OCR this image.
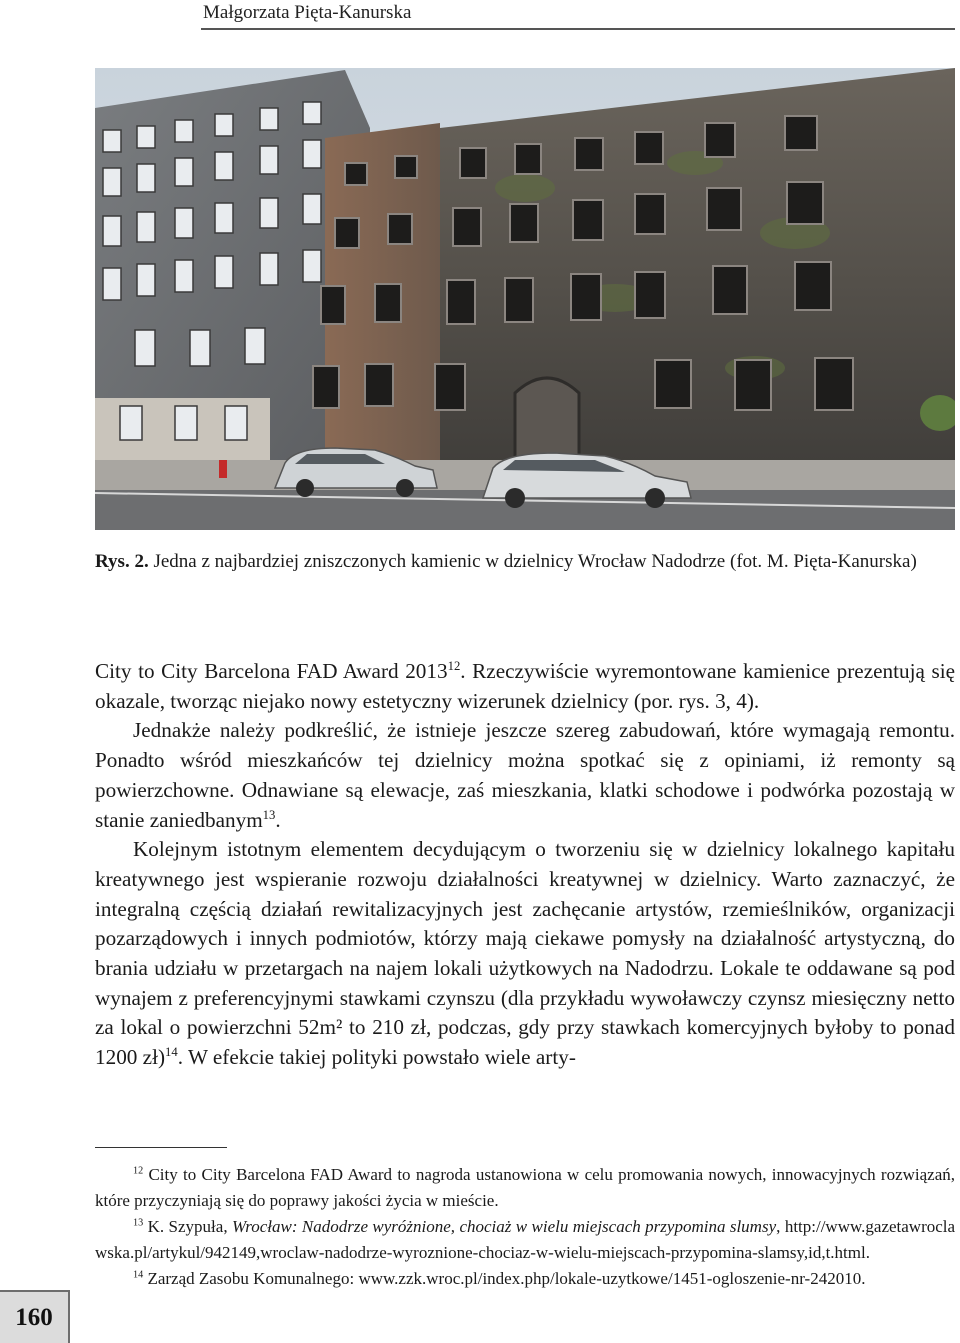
Małgorzata Pięta-Kanurska
Rys. 2. Jedna z najbardziej zniszczonych kamienic w dzielnicy Wrocław Nadodrze (fot. M. Pięta-Kanurska)

City to City Barcelona FAD Award 2013$^{12}$. Rzeczywiście wyremontowane kamienice prezentują się okazale, tworząc niejako nowy estetyczny wizerunek dzielnicy (por. rys. 3, 4).

Jednakże należy podkreślić, że istnieje jeszcze szereg zabudowań, które wymagają remontu. Ponadto wśród mieszkańców tej dzielnicy można spotkać się z opiniami, iż remonty są powierzchowne. Odnawiane są elewacje, zaś mieszkania, klatki schodowe i podwórka pozostają w stanie zaniedbanym$^{13}$.

Kolejnym istotnym elementem decydującym o tworzeniu się w dzielnicy lokalnego kapitału kreatywnego jest wspieranie rozwoju działalności kreatywnej w dzielnicy. Warto zaznaczyć, że integralną częścią działań rewitalizacyjnych jest zachęcanie artystów, rzemieślników, organizacji pozarządowych i innych podmiotów, którzy mają ciekawe pomysły na działalność artystyczną, do brania udziału w przetargach na najem lokali użytkowych na Nadodrzu. Lokale te oddawane są pod wynajem z preferencyjnymi stawkami czynszu (dla przykładu wywoławczy czynsz miesięczny netto za lokal o powierzchni 52m² to 210 zł, podczas, gdy przy stawkach komercyjnych byłoby to ponad 1200 zł)$^{14}$. W efekcie takiej polityki powstało wiele arty-

$^{12}$ City to City Barcelona FAD Award to nagroda ustanowiona w celu promowania nowych, innowacyjnych rozwiązań, które przyczyniają się do poprawy jakości życia w mieście.

$^{13}$ K. Szypuła, Wrocław: Nadodrze wyróżnione, chociaż w wielu miejscach przypomina slumsy, http://www.gazetawroclawska.pl/artykul/942149,wroclaw-nadodrze-wyroznione-chociaz-w-wielu-miejscach-przypomina-slamsy,id,t.html.

$^{14}$ Zarząd Zasobu Komunalnego: www.zzk.wroc.pl/index.php/lokale-uzytkowe/1451-ogloszenie-nr-242010.

160
